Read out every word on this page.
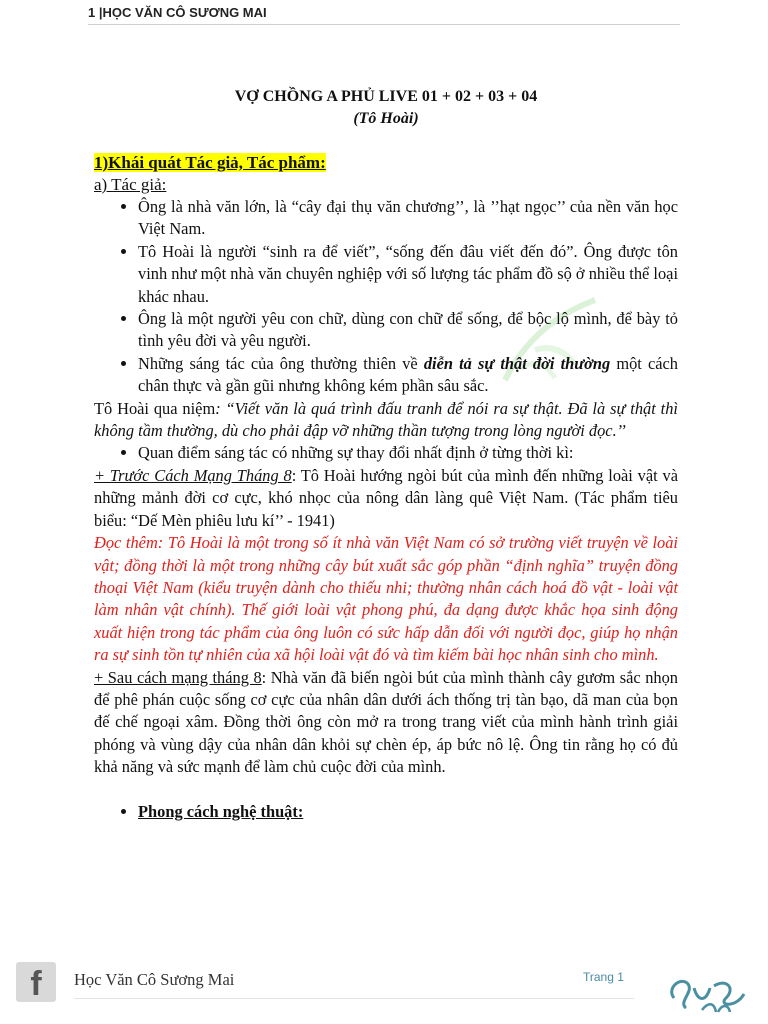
1 |HỌC VĂN CÔ SƯƠNG MAI
VỢ CHỒNG A PHỦ LIVE 01 + 02 + 03 + 04
(Tô Hoài)
1)Khái quát Tác giả, Tác phẩm:
a) Tác giả:
• Ông là nhà văn lớn, là “cây đại thụ văn chương’’, là ’’hạt ngọc’’ của nền văn học Việt Nam.
• Tô Hoài là người “sinh ra để viết”, “sống đến đâu viết đến đó”. Ông được tôn vinh như một nhà văn chuyên nghiệp với số lượng tác phẩm đồ sộ ở nhiều thể loại khác nhau.
• Ông là một người yêu con chữ, dùng con chữ để sống, để bộc lộ mình, để bày tỏ tình yêu đời và yêu người.
• Những sáng tác của ông thường thiên về diễn tả sự thật đời thường một cách chân thực và gần gũi nhưng không kém phần sâu sắc.

Tô Hoài qua niệm: “Viết văn là quá trình đấu tranh để nói ra sự thật. Đã là sự thật thì không tầm thường, dù cho phải đập vỡ những thần tượng trong lòng người đọc.’’

• Quan điểm sáng tác có những sự thay đổi nhất định ở từng thời kì:

+ Trước Cách Mạng Tháng 8: Tô Hoài hướng ngòi bút của mình đến những loài vật và những mảnh đời cơ cực, khó nhọc của nông dân làng quê Việt Nam. (Tác phẩm tiêu biểu: “Dế Mèn phiêu lưu kí’’ - 1941)

Đọc thêm: Tô Hoài là một trong số ít nhà văn Việt Nam có sở trường viết truyện về loài vật; đồng thời là một trong những cây bút xuất sắc góp phần “định nghĩa” truyện đồng thoại Việt Nam (kiểu truyện dành cho thiếu nhi; thường nhân cách hoá đồ vật - loài vật làm nhân vật chính). Thế giới loài vật phong phú, đa dạng được khắc họa sinh động xuất hiện trong tác phẩm của ông luôn có sức hấp dẫn đối với người đọc, giúp họ nhận ra sự sinh tồn tự nhiên của xã hội loài vật đó và tìm kiếm bài học nhân sinh cho mình.

+ Sau cách mạng tháng 8: Nhà văn đã biến ngòi bút của mình thành cây gươm sắc nhọn để phê phán cuộc sống cơ cực của nhân dân dưới ách thống trị tàn bạo, dã man của bọn đế chế ngoại xâm. Đồng thời ông còn mở ra trong trang viết của mình hành trình giải phóng và vùng dậy của nhân dân khỏi sự chèn ép, áp bức nô lệ. Ông tin rằng họ có đủ khả năng và sức mạnh để làm chủ cuộc đời của mình.

• Phong cách nghệ thuật:
f	Học Văn Cô Sương Mai	Trang 1
